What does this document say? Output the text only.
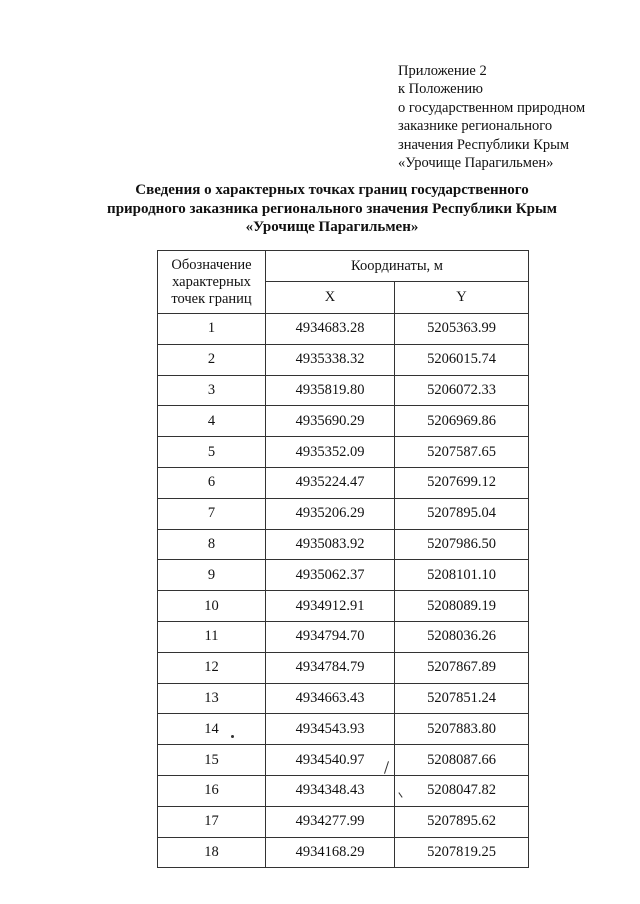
Приложение 2
к Положению
о государственном природном
заказнике регионального
значения Республики Крым
«Урочище Парагильмен»
Сведения о характерных точках границ государственного
природного заказника регионального значения Республики Крым
«Урочище Парагильмен»
Обозначение характерных точек границ	Координаты, м	
	X	Y
1	4934683.28	5205363.99
2	4935338.32	5206015.74
3	4935819.80	5206072.33
4	4935690.29	5206969.86
5	4935352.09	5207587.65
6	4935224.47	5207699.12
7	4935206.29	5207895.04
8	4935083.92	5207986.50
9	4935062.37	5208101.10
10	4934912.91	5208089.19
11	4934794.70	5208036.26
12	4934784.79	5207867.89
13	4934663.43	5207851.24
14	4934543.93	5207883.80
15	4934540.97	5208087.66
16	4934348.43	5208047.82
17	4934277.99	5207895.62
18	4934168.29	5207819.25
